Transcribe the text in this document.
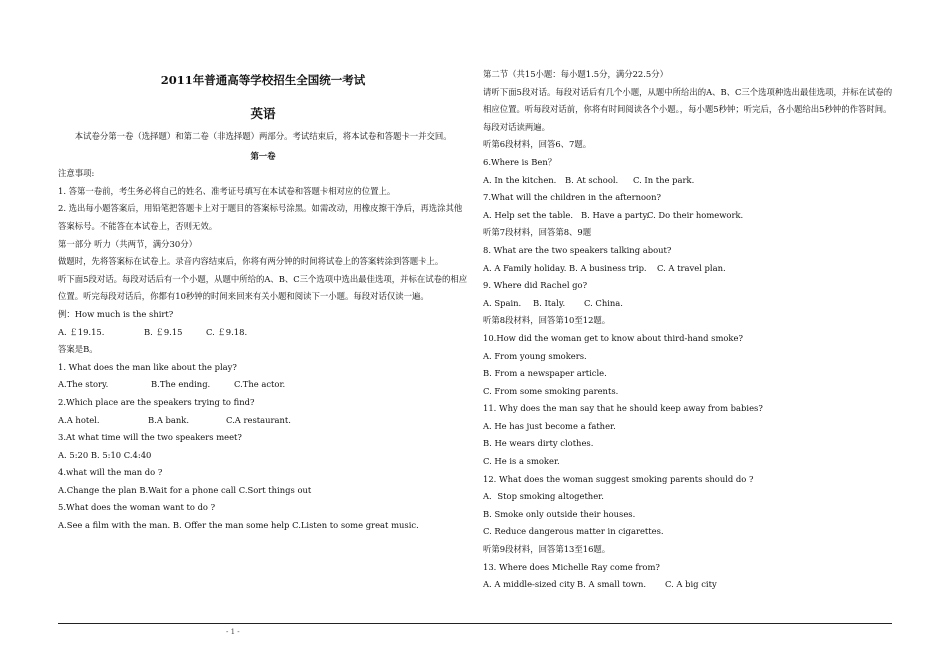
2011年普通高等学校招生全国统一考试
英语
本试卷分第一卷（选择题）和第二卷（非选择题）两部分。考试结束后，将本试卷和答题卡一并交回。
第一卷
注意事项:
1. 答第一卷前，考生务必将自己的姓名、准考证号填写在本试卷和答题卡相对应的位置上。
2. 选出每小题答案后，用铅笔把答题卡上对于题目的答案标号涂黑。如需改动，用橡皮擦干净后，再选涂其他答案标号。不能答在本试卷上，否则无效。
第一部分 听力（共两节，满分30分）
做题时，先将答案标在试卷上。录音内容结束后，你将有两分钟的时间将试卷上的答案转涂到答题卡上。
听下面5段对话。每段对话后有一个小题，从题中所给的A、B、C三个选项中选出最佳选项，并标在试卷的相应位置。听完每段对话后，你都有10秒钟的时间来回来有关小题和阅读下一小题。每段对话仅读一遍。
例：How much is the shirt?
A. ￡19.15.	B. ￡9.15	C. ￡9.18.
答案是B。
1. What does the man like about the play?
A.The story.	B.The ending.	C.The actor.
2.Which place are the speakers trying to find?
A.A hotel.	B.A bank.	C.A restaurant.
3.At what time will the two speakers meet?
A. 5:20 B. 5:10 C.4:40
4.what will the man do ?
A.Change the plan B.Wait for a phone call C.Sort things out
5.What does the woman want to do ?
A.See a film with the man. B. Offer the man some help C.Listen to some great music.
第二节（共15小题：每小题1.5分，满分22.5分）
请听下面5段对话。每段对话后有几个小题，从题中所给出的A、B、C三个选项种选出最佳选项，并标在试卷的相应位置。听每段对话前，你将有时间阅读各个小题。，每小题5秒钟；听完后，各小题给出5秒钟的作答时间。每段对话读两遍。
听第6段材料，回答6、7题。
6.Where is Ben？
A. In the kitchen. B. At school. C. In the park.
7.What will the children in the afternoon?
A. Help set the table. B. Have a party.C. Do their homework.
听第7段材料，回答第8、9题
8. What are the two speakers talking about?
A. A Family holiday. B. A business trip. C. A travel plan.
9. Where did Rachel go?
A. Spain. B. Italy. C. China.
听第8段材料，回答第10至12题。
10.How did the woman get to know about third-hand smoke?
A. From young smokers.
B. From a newspaper article.
C. From some smoking parents.
11. Why does the man say that he should keep away from babies?
A. He has just become a father.
B. He wears dirty clothes.
C. He is a smoker.
12. What does the woman suggest smoking parents should do ?
A．Stop smoking altogether.
B. Smoke only outside their houses.
C. Reduce dangerous matter in cigarettes.
听第9段材料，回答第13至16题。
13. Where does Michelle Ray come from?
A. A middle-sized city B. A small town. C. A big city
- 1 -
